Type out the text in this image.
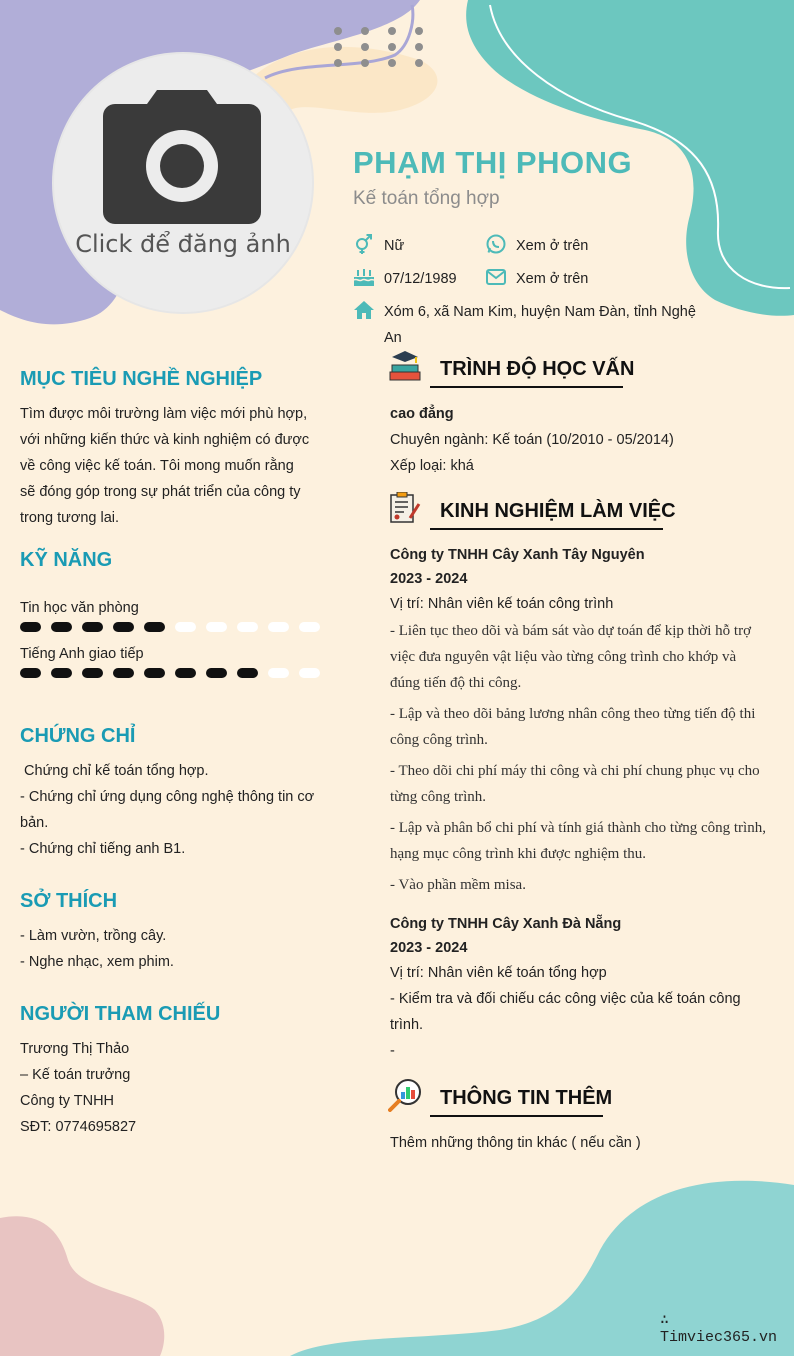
Click để đăng ảnh
PHẠM THỊ PHONG
Kế toán tổng hợp
Nữ	Xem ở trên
07/12/1989	Xem ở trên
Xóm 6, xã Nam Kim, huyện Nam Đàn, tỉnh Nghệ
An
MỤC TIÊU NGHỀ NGHIỆP
Tìm được môi trường làm việc mới phù hợp,
với những kiến thức và kinh nghiệm có được
về công việc kế toán. Tôi mong muốn rằng
sẽ đóng góp trong sự phát triển của công ty
trong tương lai.
KỸ NĂNG
Tin học văn phòng
Tiếng Anh giao tiếp
CHỨNG CHỈ
Chứng chỉ kế toán tổng hợp.
- Chứng chỉ ứng dụng công nghệ thông tin cơ
bản.
- Chứng chỉ tiếng anh B1.
SỞ THÍCH
- Làm vườn, trồng cây.
- Nghe nhạc, xem phim.
NGƯỜI THAM CHIẾU
Trương Thị Thảo
– Kế toán trưởng
Công ty TNHH
SĐT: 0774695827
TRÌNH ĐỘ HỌC VẤN
cao đẳng
Chuyên ngành: Kế toán (10/2010 - 05/2014)
Xếp loại: khá
KINH NGHIỆM LÀM VIỆC
Công ty TNHH Cây Xanh Tây Nguyên
2023 - 2024
Vị trí: Nhân viên kế toán công trình
- Liên tục theo dõi và bám sát vào dự toán để kịp thời hỗ trợ
việc đưa nguyên vật liệu vào từng công trình cho khớp và
đúng tiến độ thi công.
- Lập và theo dõi bảng lương nhân công theo từng tiến độ thi
công công trình.
- Theo dõi chi phí máy thi công và chi phí chung phục vụ cho
từng công trình.
- Lập và phân bổ chi phí và tính giá thành cho từng công trình,
hạng mục công trình khi được nghiệm thu.
- Vào phần mềm misa.
Công ty TNHH Cây Xanh Đà Nẵng
2023 - 2024
Vị trí: Nhân viên kế toán tổng hợp
- Kiểm tra và đối chiếu các công việc của kế toán công
trình.
-
THÔNG TIN THÊM
Thêm những thông tin khác ( nếu cần )
∴ Timviec365.vn
